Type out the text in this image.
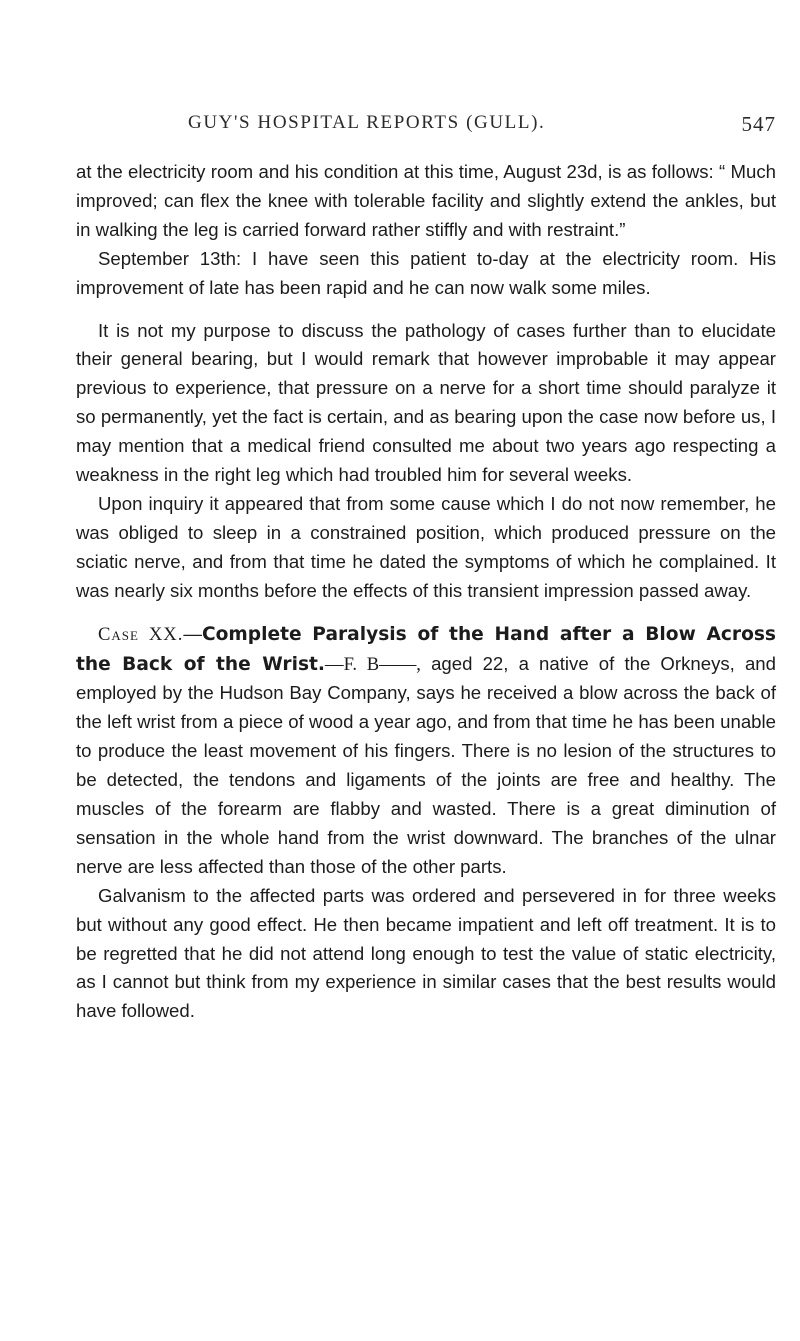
GUY'S HOSPITAL REPORTS (GULL).	547

at the electricity room and his condition at this time, August 23d, is as follows: “ Much improved; can flex the knee with tolerable facility and slightly extend the ankles, but in walking the leg is carried forward rather stiffly and with restraint.”

September 13th: I have seen this patient to-day at the electricity room. His improvement of late has been rapid and he can now walk some miles.

It is not my purpose to discuss the pathology of cases further than to elucidate their general bearing, but I would remark that however improbable it may appear previous to experience, that pressure on a nerve for a short time should paralyze it so permanently, yet the fact is certain, and as bearing upon the case now before us, I may mention that a medical friend consulted me about two years ago respecting a weakness in the right leg which had troubled him for several weeks.

Upon inquiry it appeared that from some cause which I do not now remember, he was obliged to sleep in a constrained position, which produced pressure on the sciatic nerve, and from that time he dated the symptoms of which he complained. It was nearly six months before the effects of this transient impression passed away.

Case XX.—Complete Paralysis of the Hand after a Blow Across the Back of the Wrist.—F. B——, aged 22, a native of the Orkneys, and employed by the Hudson Bay Company, says he received a blow across the back of the left wrist from a piece of wood a year ago, and from that time he has been unable to produce the least movement of his fingers. There is no lesion of the structures to be detected, the tendons and ligaments of the joints are free and healthy. The muscles of the forearm are flabby and wasted. There is a great diminution of sensation in the whole hand from the wrist downward. The branches of the ulnar nerve are less affected than those of the other parts.

Galvanism to the affected parts was ordered and persevered in for three weeks but without any good effect. He then became impatient and left off treatment. It is to be regretted that he did not attend long enough to test the value of static electricity, as I cannot but think from my experience in similar cases that the best results would have followed.
